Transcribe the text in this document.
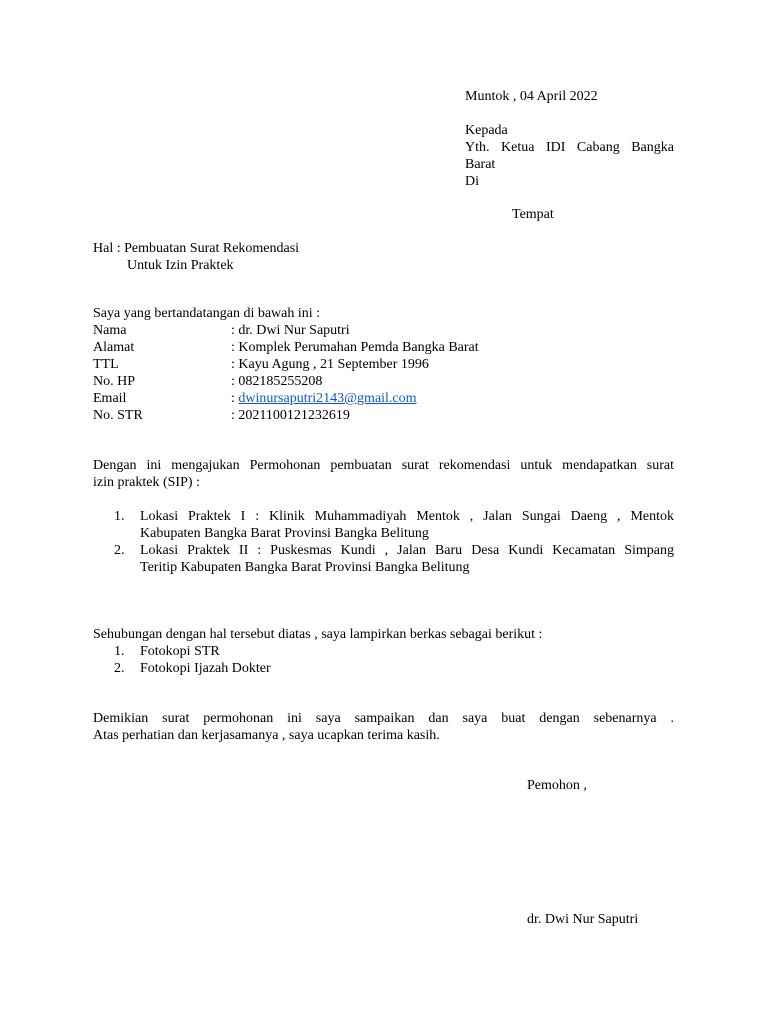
Muntok , 04 April 2022
Kepada
Yth. Ketua IDI Cabang Bangka
Barat
Di
Tempat
Hal : Pembuatan Surat Rekomendasi
Untuk Izin Praktek
Saya yang bertandatangan di bawah ini :
Nama	: dr. Dwi Nur Saputri
Alamat	: Komplek Perumahan Pemda Bangka Barat
TTL	: Kayu Agung , 21 September 1996
No. HP	: 082185255208
Email	: dwinursaputri2143@gmail.com
No. STR	: 2021100121232619
Dengan ini mengajukan Permohonan pembuatan surat rekomendasi untuk mendapatkan surat
izin praktek (SIP) :
1. Lokasi Praktek I : Klinik Muhammadiyah Mentok , Jalan Sungai Daeng , Mentok
Kabupaten Bangka Barat Provinsi Bangka Belitung
2. Lokasi Praktek II : Puskesmas Kundi , Jalan Baru Desa Kundi Kecamatan Simpang
Teritip Kabupaten Bangka Barat Provinsi Bangka Belitung
Sehubungan dengan hal tersebut diatas , saya lampirkan berkas sebagai berikut :
1. Fotokopi STR
2. Fotokopi Ijazah Dokter
Demikian surat permohonan ini saya sampaikan dan saya buat dengan sebenarnya .
Atas perhatian dan kerjasamanya , saya ucapkan terima kasih.
Pemohon ,
dr. Dwi Nur Saputri
